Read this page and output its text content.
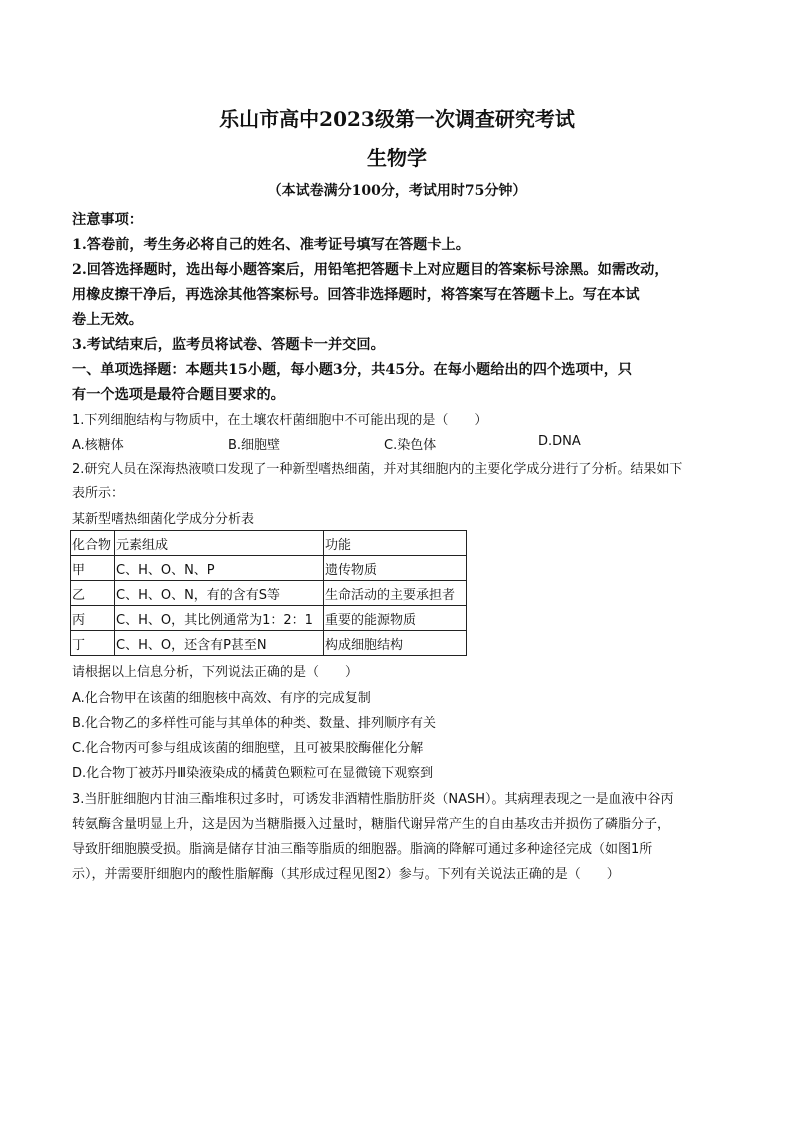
乐山市高中2023级第一次调查研究考试
生物学
（本试卷满分100分，考试用时75分钟）
注意事项：
1.答卷前，考生务必将自己的姓名、准考证号填写在答题卡上。
2.回答选择题时，选出每小题答案后，用铅笔把答题卡上对应题目的答案标号涂黑。如需改动，
用橡皮擦干净后，再选涂其他答案标号。回答非选择题时，将答案写在答题卡上。写在本试
卷上无效。
3.考试结束后，监考员将试卷、答题卡一并交回。
一、单项选择题：本题共15小题，每小题3分，共45分。在每小题给出的四个选项中，只
有一个选项是最符合题目要求的。
1.下列细胞结构与物质中，在土壤农杆菌细胞中不可能出现的是（　　）
A.核糖体	B.细胞壁	C.染色体	D.DNA
2.研究人员在深海热液喷口发现了一种新型嗜热细菌，并对其细胞内的主要化学成分进行了分析。结果如下
表所示：
某新型嗜热细菌化学成分分析表
化合物	元素组成	功能
甲	C、H、O、N、P	遗传物质
乙	C、H、O、N，有的含有S等	生命活动的主要承担者
丙	C、H、O，其比例通常为1：2：1	重要的能源物质
丁	C、H、O，还含有P甚至N	构成细胞结构
请根据以上信息分析，下列说法正确的是（　　）
A.化合物甲在该菌的细胞核中高效、有序的完成复制
B.化合物乙的多样性可能与其单体的种类、数量、排列顺序有关
C.化合物丙可参与组成该菌的细胞壁，且可被果胶酶催化分解
D.化合物丁被苏丹Ⅲ染液染成的橘黄色颗粒可在显微镜下观察到
3.当肝脏细胞内甘油三酯堆积过多时，可诱发非酒精性脂肪肝炎（NASH）。其病理表现之一是血液中谷丙
转氨酶含量明显上升，这是因为当糖脂摄入过量时，糖脂代谢异常产生的自由基攻击并损伤了磷脂分子，
导致肝细胞膜受损。脂滴是储存甘油三酯等脂质的细胞器。脂滴的降解可通过多种途径完成（如图1所
示），并需要肝细胞内的酸性脂解酶（其形成过程见图2）参与。下列有关说法正确的是（　　）
